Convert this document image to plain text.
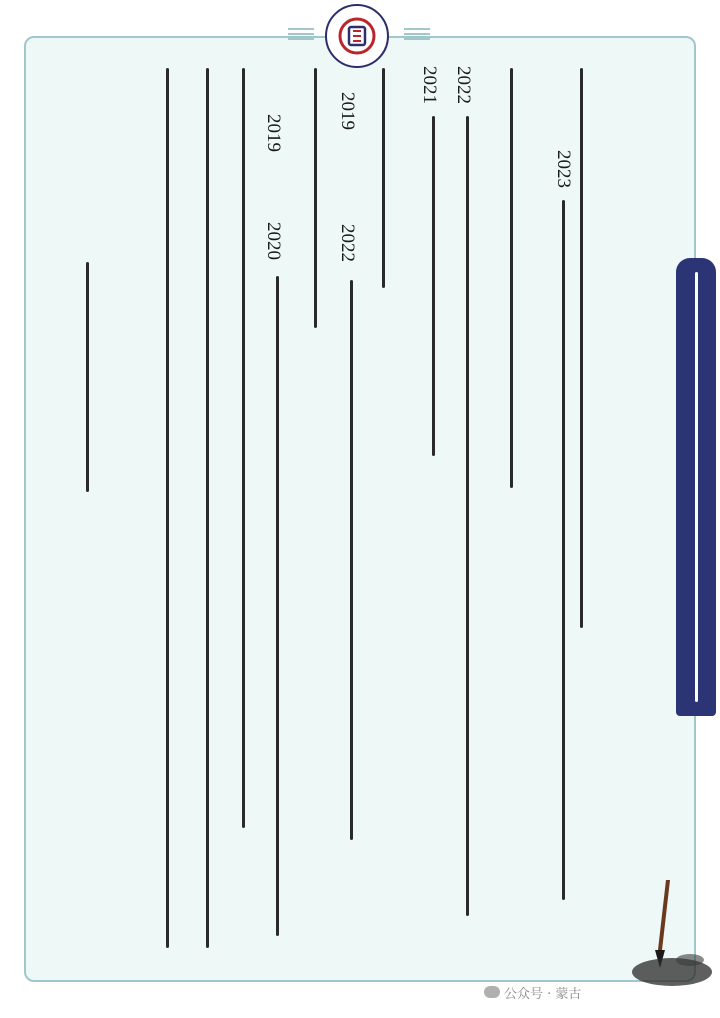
2023
2022
2021
2019
2022
2019
2020
公众号 · 蒙古
